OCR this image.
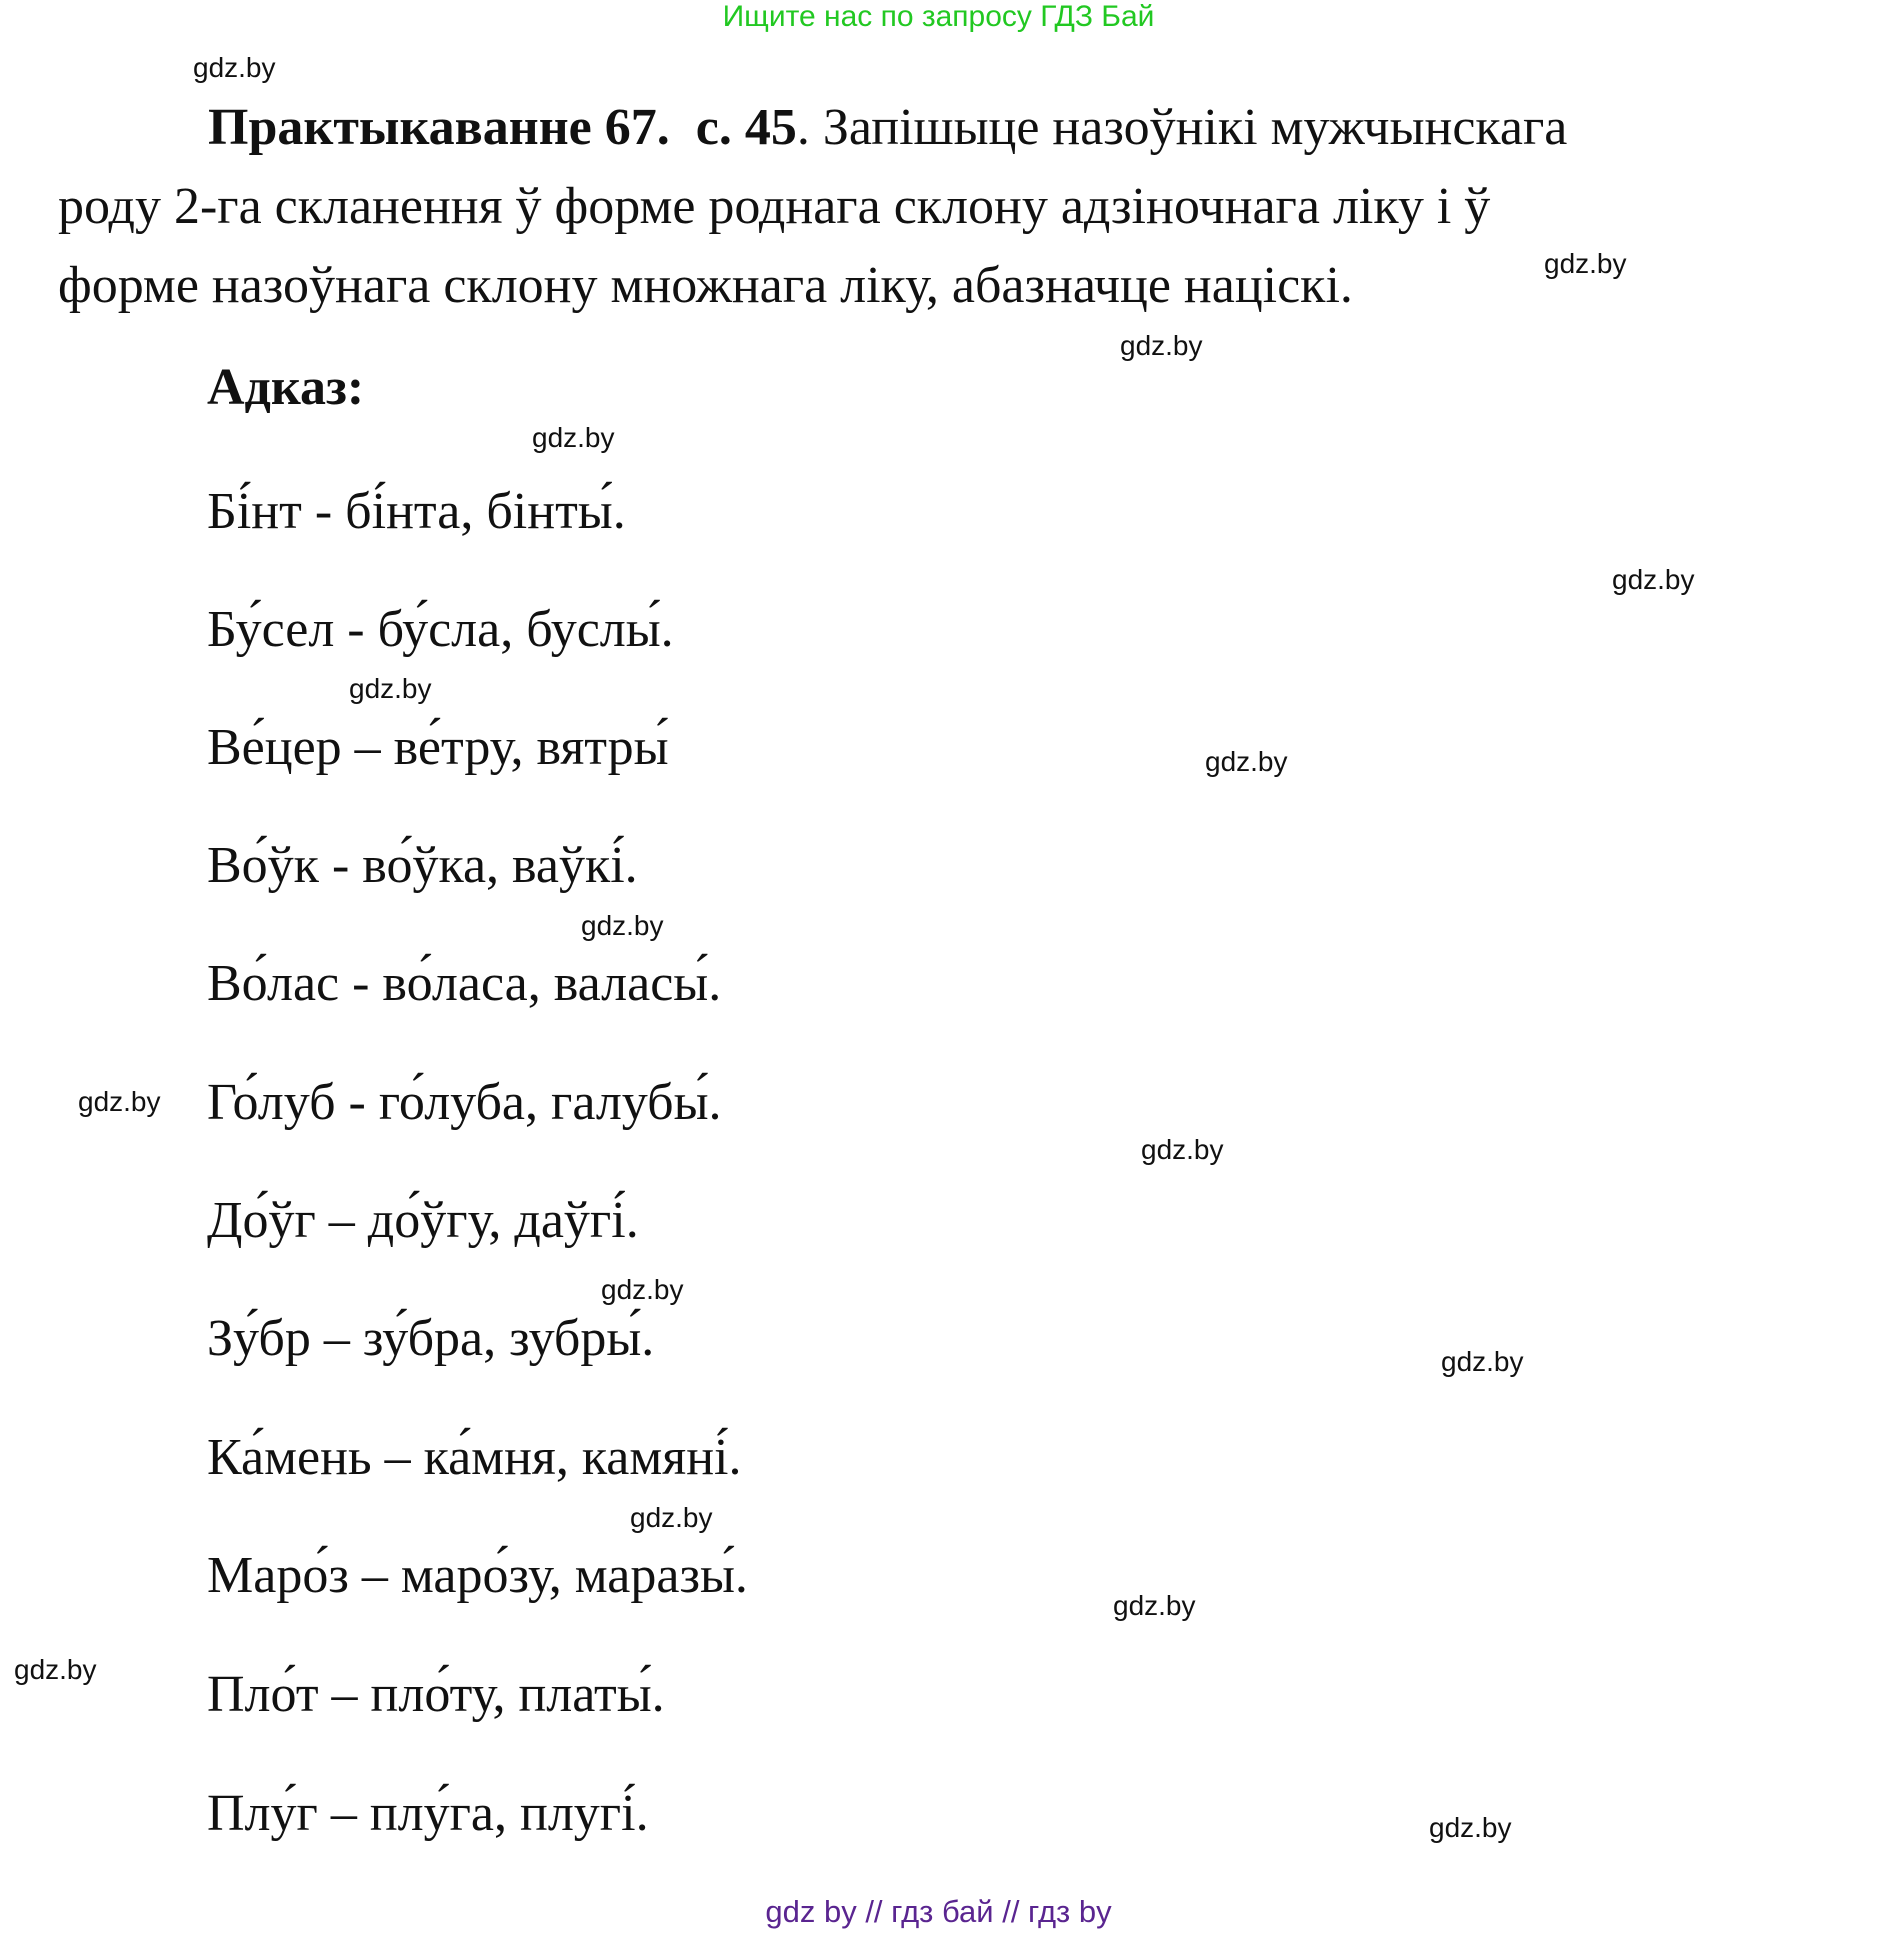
Ищите нас по запросу ГДЗ Бай
gdz.by
gdz.by
gdz.by
gdz.by
gdz.by
gdz.by
gdz.by
gdz.by
gdz.by
gdz.by
gdz.by
gdz.by
gdz.by
gdz.by
gdz.by
gdz.by
Практыкаванне 67. с. 45. Запішыце назоўнікі мужчынскага
роду 2-га скланення ў форме роднага склону адзіночнага ліку і ў
форме назоўнага склону множнага ліку, абазначце націскі.
Адказ:
Бі́нт - бі́нта, бінты́.
Бу́сел - бу́сла, буслы́.
Ве́цер – ве́тру, вятры́
Во́ўк - во́ўка, ваўкі́.
Во́лас - во́ласа, валасы́.
Го́луб - го́луба, галубы́.
До́ўг – до́ўгу, даўгі́.
Зу́бр – зу́бра, зубры́.
Ка́мень – ка́мня, камяні́.
Маро́з – маро́зу, маразы́.
Пло́т – пло́ту, платы́.
Плу́г – плу́га, плугі́.
gdz by // гдз бай // гдз by
